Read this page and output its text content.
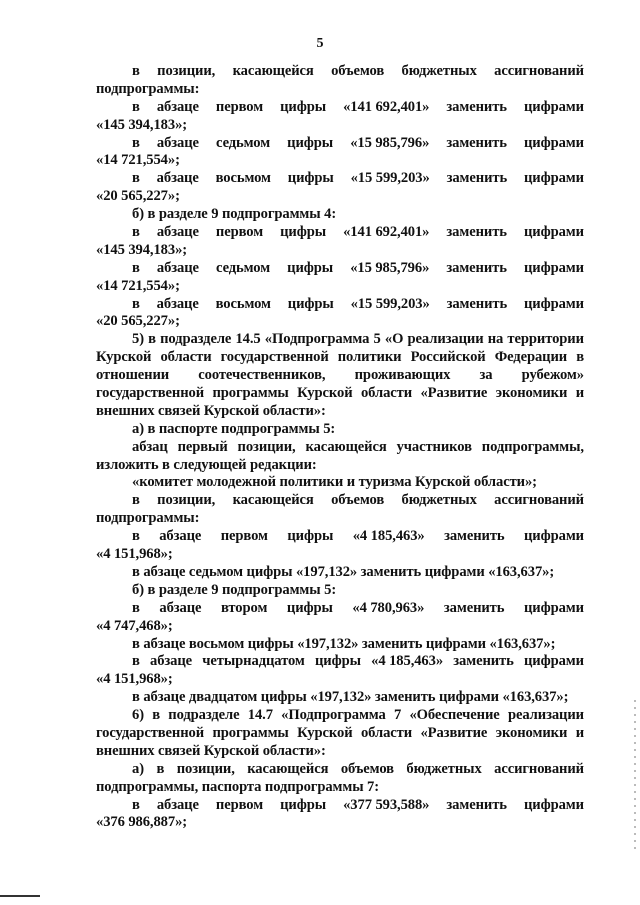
5
в позиции, касающейся объемов бюджетных ассигнований
подпрограммы:
в абзаце первом цифры «141 692,401» заменить цифрами
«145 394,183»;
в абзаце седьмом цифры «15 985,796» заменить цифрами
«14 721,554»;
в абзаце восьмом цифры «15 599,203» заменить цифрами
«20 565,227»;
б) в разделе 9 подпрограммы 4:
в абзаце первом цифры «141 692,401» заменить цифрами
«145 394,183»;
в абзаце седьмом цифры «15 985,796» заменить цифрами
«14 721,554»;
в абзаце восьмом цифры «15 599,203» заменить цифрами
«20 565,227»;
5) в подразделе 14.5 «Подпрограмма 5 «О реализации на территории
Курской области государственной политики Российской Федерации в
отношении соотечественников, проживающих за рубежом»
государственной программы Курской области «Развитие экономики и
внешних связей Курской области»:
а) в паспорте подпрограммы 5:
абзац первый позиции, касающейся участников подпрограммы,
изложить в следующей редакции:
«комитет молодежной политики и туризма Курской области»;
в позиции, касающейся объемов бюджетных ассигнований
подпрограммы:
в абзаце первом цифры «4 185,463» заменить цифрами
«4 151,968»;
в абзаце седьмом цифры «197,132» заменить цифрами «163,637»;
б) в разделе 9 подпрограммы 5:
в абзаце втором цифры «4 780,963» заменить цифрами
«4 747,468»;
в абзаце восьмом цифры «197,132» заменить цифрами «163,637»;
в абзаце четырнадцатом цифры «4 185,463» заменить цифрами
«4 151,968»;
в абзаце двадцатом цифры «197,132» заменить цифрами «163,637»;
6) в подразделе 14.7 «Подпрограмма 7 «Обеспечение реализации
государственной программы Курской области «Развитие экономики и
внешних связей Курской области»:
а) в позиции, касающейся объемов бюджетных ассигнований
подпрограммы, паспорта подпрограммы 7:
в абзаце первом цифры «377 593,588» заменить цифрами
«376 986,887»;
